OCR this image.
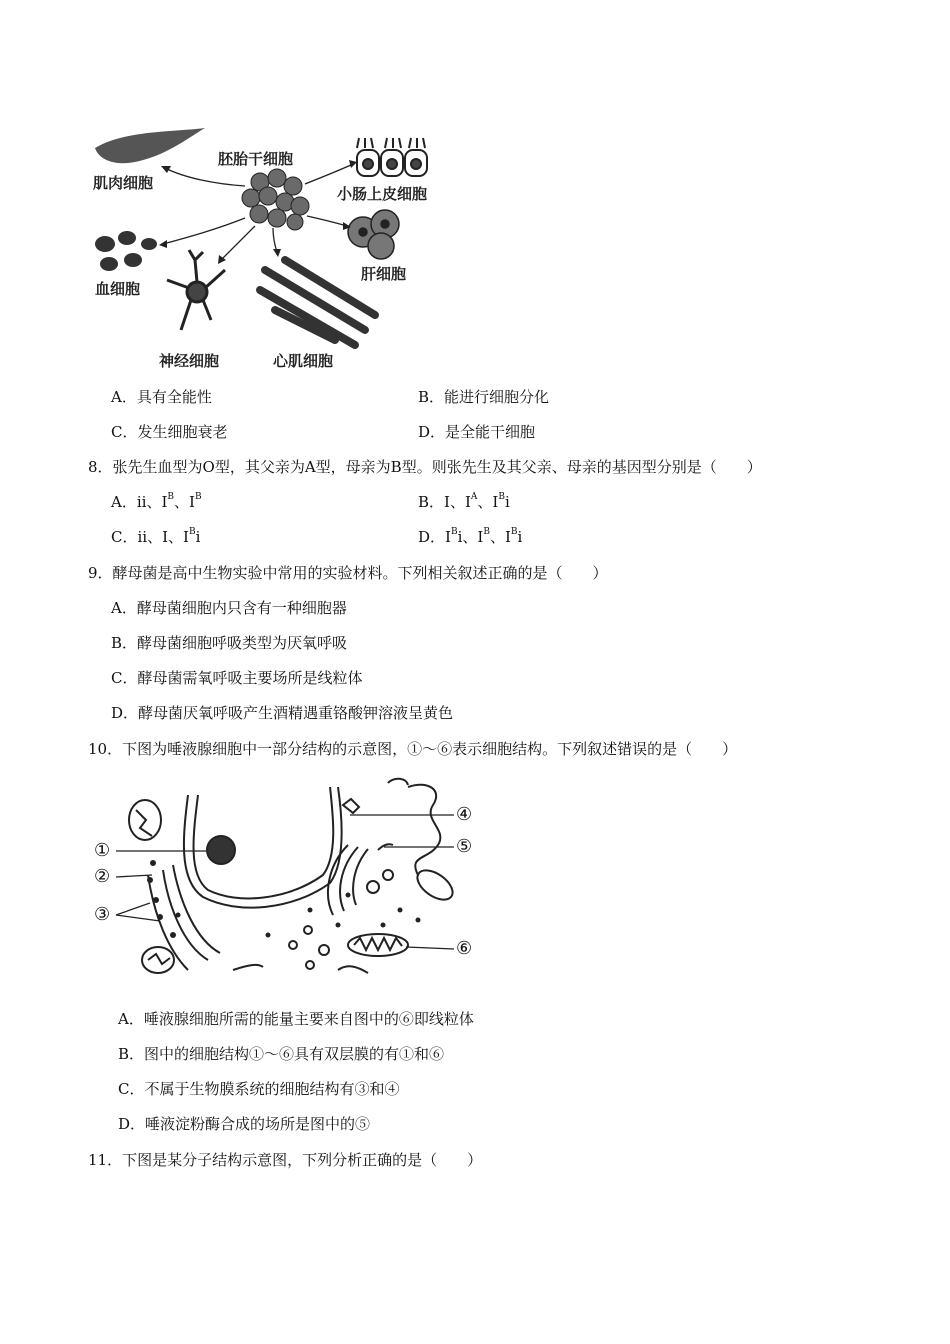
胚胎干细胞
肌肉细胞
小肠上皮细胞
肝细胞
血细胞
神经细胞	心肌细胞
A．具有全能性	B．能进行细胞分化
C．发生细胞衰老	D．是全能干细胞
8．张先生血型为O型，其父亲为A型，母亲为B型。则张先生及其父亲、母亲的基因型分别是（　　）
A．ⅱ、$I^B$、$I^B$	B．I、$I^A$、$I^Bi$
C．ⅱ、I、$I^Bi$	D．$I^Bi$、$I^B$、$I^Bi$
9．酵母菌是高中生物实验中常用的实验材料。下列相关叙述正确的是（　　）
A．酵母菌细胞内只含有一种细胞器
B．酵母菌细胞呼吸类型为厌氧呼吸
C．酵母菌需氧呼吸主要场所是线粒体
D．酵母菌厌氧呼吸产生酒精遇重铬酸钾溶液呈黄色
10．下图为唾液腺细胞中一部分结构的示意图，①～⑥表示细胞结构。下列叙述错误的是（　　）
①
②
③
④
⑤
⑥
A．唾液腺细胞所需的能量主要来自图中的⑥即线粒体
B．图中的细胞结构①～⑥具有双层膜的有①和⑥
C．不属于生物膜系统的细胞结构有③和④
D．唾液淀粉酶合成的场所是图中的⑤
11．下图是某分子结构示意图，下列分析正确的是（　　）
